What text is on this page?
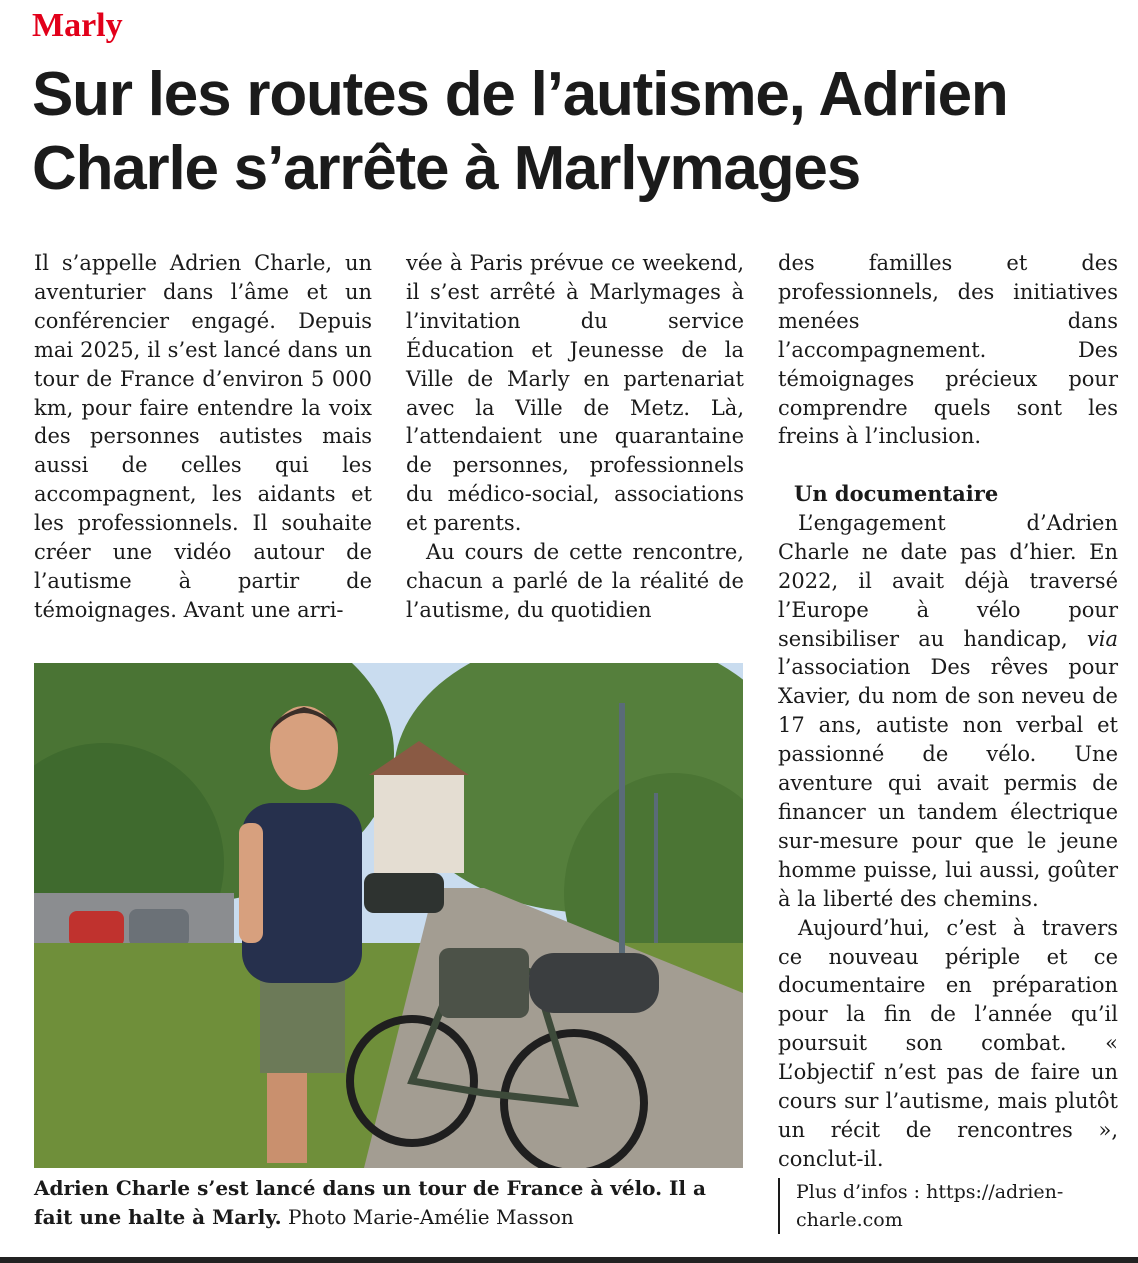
Marly
Sur les routes de l’autisme, Adrien Charle s’arrête à Marlymages

Il s’appelle Adrien Charle, un aventurier dans l’âme et un conférencier engagé. Depuis mai 2025, il s’est lancé dans un tour de France d’environ 5 000 km, pour faire entendre la voix des personnes autistes mais aussi de celles qui les accompagnent, les aidants et les professionnels. Il souhaite créer une vidéo autour de l’autisme à partir de témoignages. Avant une arri-

vée à Paris prévue ce weekend, il s’est arrêté à Marlymages à l’invitation du service Éducation et Jeunesse de la Ville de Marly en partenariat avec la Ville de Metz. Là, l’attendaient une quarantaine de personnes, professionnels du médico-social, associations et parents.

Au cours de cette rencontre, chacun a parlé de la réalité de l’autisme, du quotidien

des familles et des professionnels, des initiatives menées dans l’accompagnement. Des témoignages précieux pour comprendre quels sont les freins à l’inclusion.

Un documentaire

L’engagement d’Adrien Charle ne date pas d’hier. En 2022, il avait déjà traversé l’Europe à vélo pour sensibiliser au handicap, via l’association Des rêves pour Xavier, du nom de son neveu de 17 ans, autiste non verbal et passionné de vélo. Une aventure qui avait permis de financer un tandem électrique sur-mesure pour que le jeune homme puisse, lui aussi, goûter à la liberté des chemins.

Aujourd’hui, c’est à travers ce nouveau périple et ce documentaire en préparation pour la fin de l’année qu’il poursuit son combat. « L’objectif n’est pas de faire un cours sur l’autisme, mais plutôt un récit de rencontres », conclut-il.

Adrien Charle s’est lancé dans un tour de France à vélo. Il a fait une halte à Marly. Photo Marie-Amélie Masson
Plus d’infos : https://adrien-charle.com
